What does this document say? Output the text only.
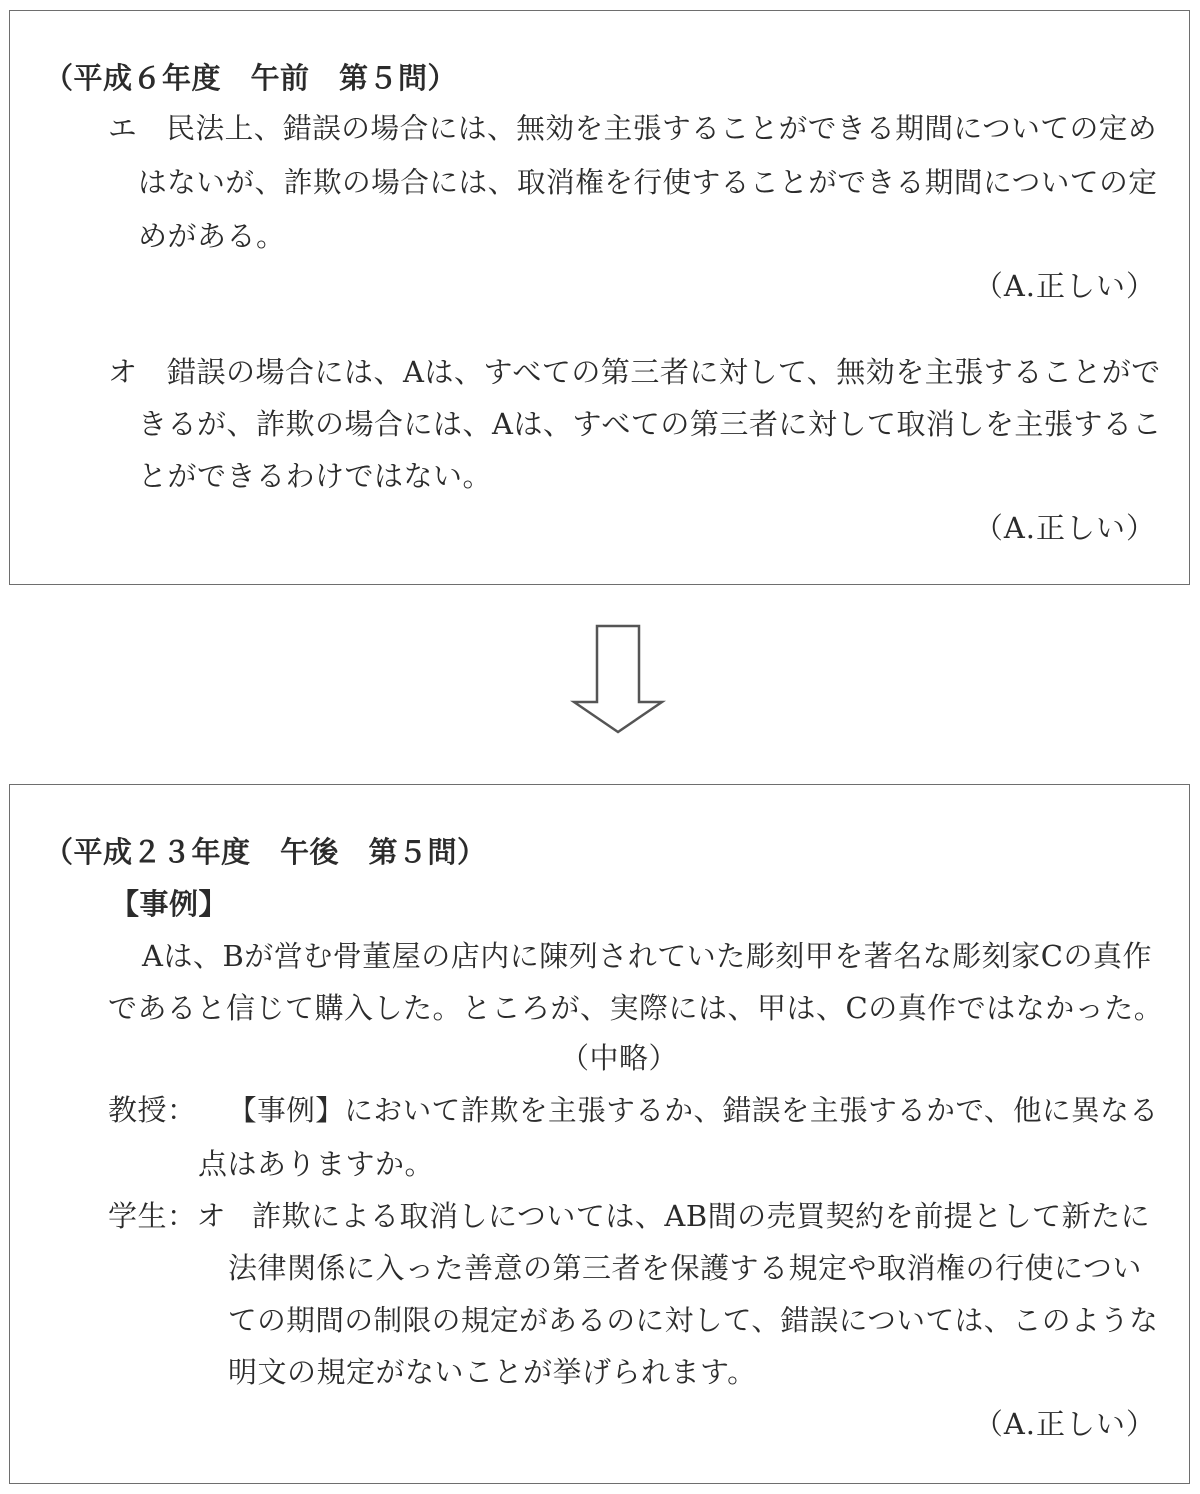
（平成６年度　午前　第５問）

エ　民法上、錯誤の場合には、無効を主張することができる期間についての定め

はないが、詐欺の場合には、取消権を行使することができる期間についての定

めがある。

（A.正しい）

オ　錯誤の場合には、Aは、すべての第三者に対して、無効を主張することがで

きるが、詐欺の場合には、Aは、すべての第三者に対して取消しを主張するこ

とができるわけではない。

（A.正しい）

（平成２３年度　午後　第５問）

【事例】

Aは、Bが営む骨董屋の店内に陳列されていた彫刻甲を著名な彫刻家Cの真作

であると信じて購入した。ところが、実際には、甲は、Cの真作ではなかった。

（中略）

教授： 【事例】において詐欺を主張するか、錯誤を主張するかで、他に異なる

点はありますか。

学生：オ 詐欺による取消しについては、AB間の売買契約を前提として新たに

法律関係に入った善意の第三者を保護する規定や取消権の行使につい

ての期間の制限の規定があるのに対して、錯誤については、このような

明文の規定がないことが挙げられます。

（A.正しい）
